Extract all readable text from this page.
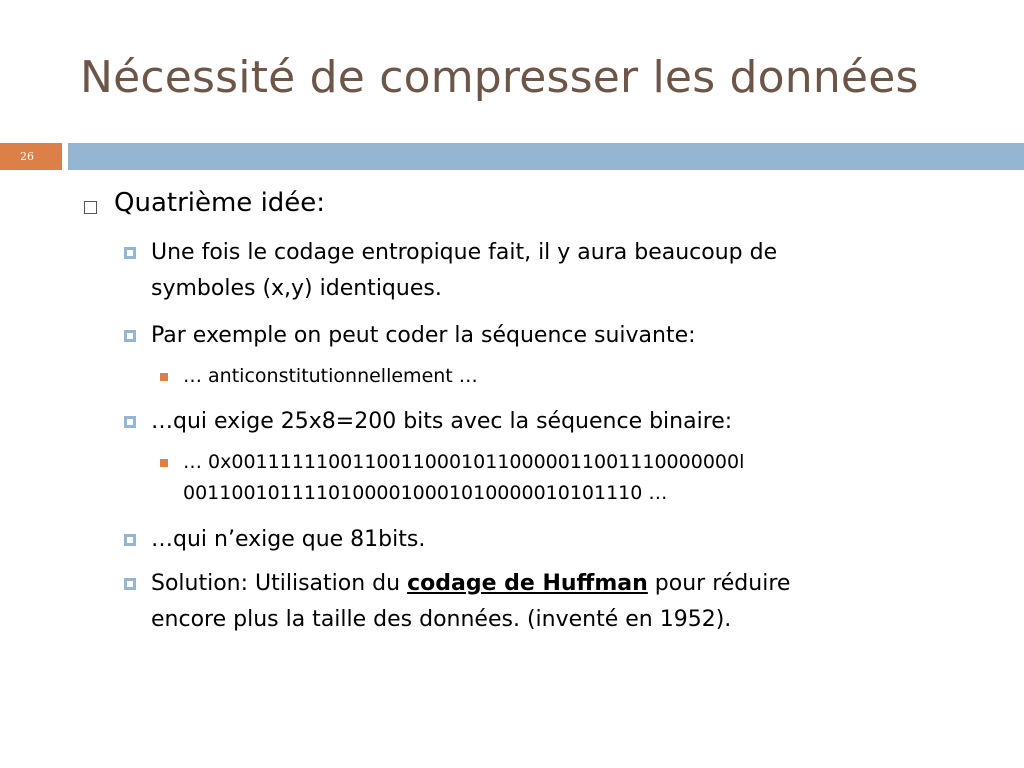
Nécessité de compresser les données
26
Quatrième idée:
Une fois le codage entropique fait, il y aura beaucoup de
symboles (x,y) identiques.
Par exemple on peut coder la séquence suivante:
… anticonstitutionnellement …
…qui exige 25x8=200 bits avec la séquence binaire:
… 0x001111110011001100010110000011001110000000l
00110010111101000010001010000010101110 …
…qui n’exige que 81bits.
Solution: Utilisation du codage de Huffman pour réduire
encore plus la taille des données. (inventé en 1952).
